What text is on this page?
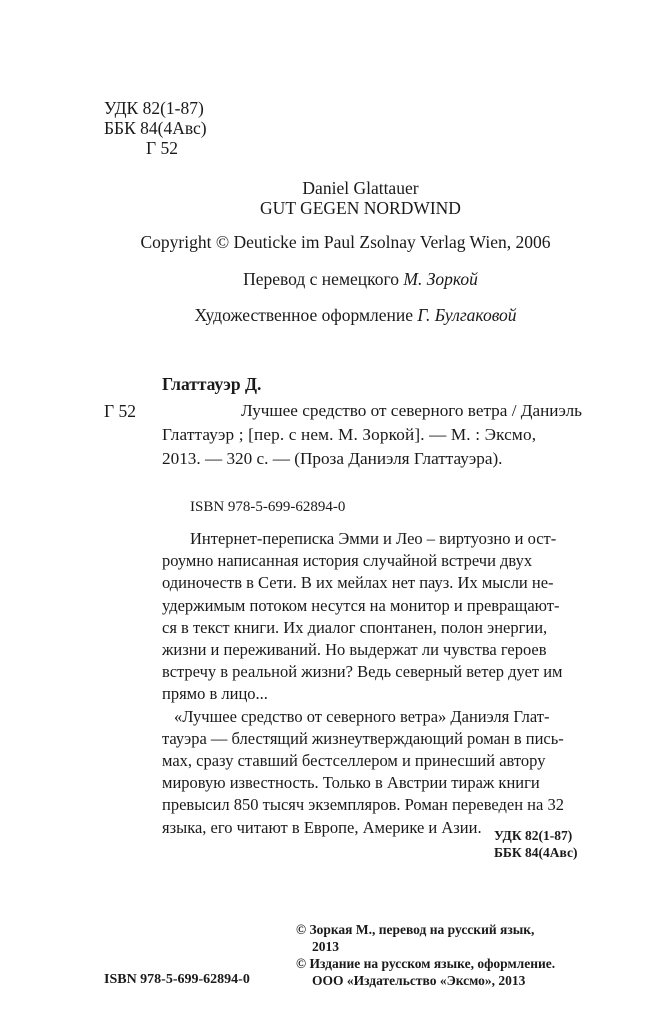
УДК 82(1-87)
ББК 84(4Авс)
Г 52
Daniel Glattauer
GUT GEGEN NORDWIND
Copyright © Deuticke im Paul Zsolnay Verlag Wien, 2006
Перевод с немецкого М. Зоркой
Художественное оформление Г. Булгаковой
Глаттауэр Д.
Г 52	Лучшее средство от северного ветра / Даниэль
Глаттауэр ; [пер. с нем. М. Зоркой]. — М. : Эксмо,
2013. — 320 с. — (Проза Даниэля Глаттауэра).
ISBN 978-5-699-62894-0
Интернет-переписка Эмми и Лео – виртуозно и ост-
роумно написанная история случайной встречи двух
одиночеств в Сети. В их мейлах нет пауз. Их мысли не-
удержимым потоком несутся на монитор и превращают-
ся в текст книги. Их диалог спонтанен, полон энергии,
жизни и переживаний. Но выдержат ли чувства героев
встречу в реальной жизни? Ведь северный ветер дует им
прямо в лицо...
«Лучшее средство от северного ветра» Даниэля Глат-
тауэра — блестящий жизнеутверждающий роман в пись-
мах, сразу ставший бестселлером и принесший автору
мировую известность. Только в Австрии тираж книги
превысил 850 тысяч экземпляров. Роман переведен на 32
языка, его читают в Европе, Америке и Азии. УДК 82(1-87)
ББК 84(4Авс)
© Зоркая М., перевод на русский язык,
2013
© Издание на русском языке, оформление.
ООО «Издательство «Эксмо», 2013
ISBN 978-5-699-62894-0
